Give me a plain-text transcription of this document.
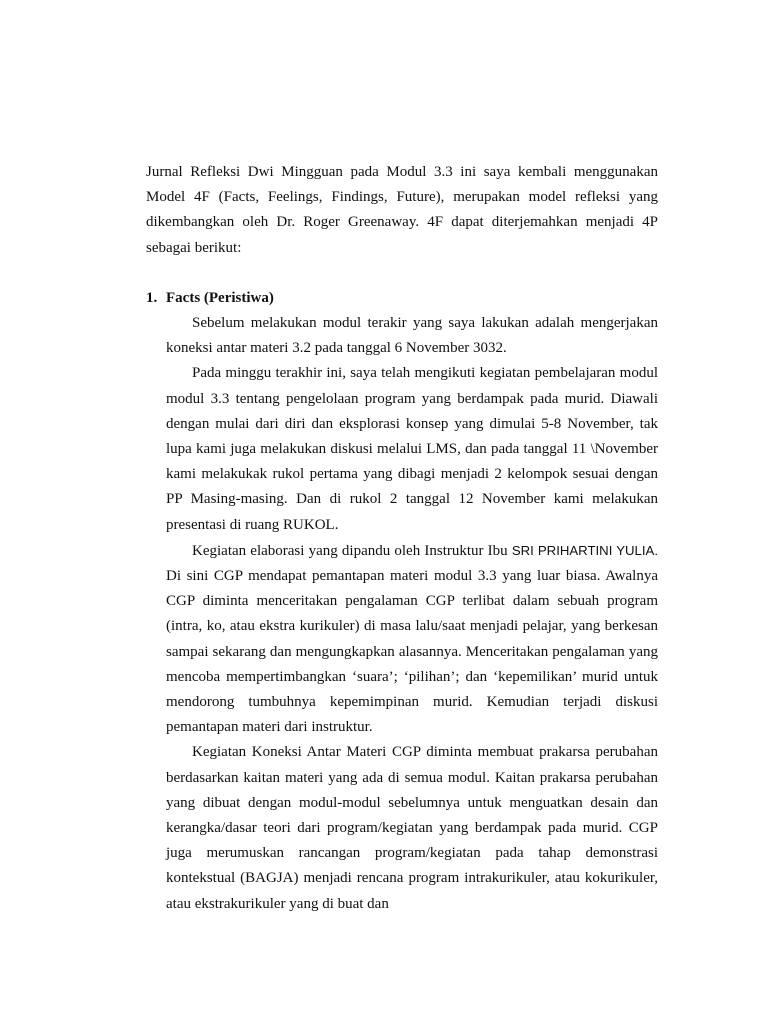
Jurnal Refleksi Dwi Mingguan pada Modul 3.3 ini saya kembali menggunakan Model 4F (Facts, Feelings, Findings, Future), merupakan model refleksi yang dikembangkan oleh Dr. Roger Greenaway. 4F dapat diterjemahkan menjadi 4P sebagai berikut:

1. Facts (Peristiwa)

Sebelum melakukan modul terakir yang saya lakukan adalah mengerjakan koneksi antar materi 3.2 pada tanggal 6 November 3032.

Pada minggu terakhir ini, saya telah mengikuti kegiatan pembelajaran modul modul 3.3 tentang pengelolaan program yang berdampak pada murid. Diawali dengan mulai dari diri dan eksplorasi konsep yang dimulai 5-8 November, tak lupa kami juga melakukan diskusi melalui LMS, dan pada tanggal 11 \November kami melakukak rukol pertama yang dibagi menjadi 2 kelompok sesuai dengan PP Masing-masing. Dan di rukol 2 tanggal 12 November kami melakukan presentasi di ruang RUKOL.

Kegiatan elaborasi yang dipandu oleh Instruktur Ibu SRI PRIHARTINI YULIA. Di sini CGP mendapat pemantapan materi modul 3.3 yang luar biasa. Awalnya CGP diminta menceritakan pengalaman CGP terlibat dalam sebuah program (intra, ko, atau ekstra kurikuler) di masa lalu/saat menjadi pelajar, yang berkesan sampai sekarang dan mengungkapkan alasannya. Menceritakan pengalaman yang mencoba mempertimbangkan ‘suara’; ‘pilihan’; dan ‘kepemilikan’ murid untuk mendorong tumbuhnya kepemimpinan murid. Kemudian terjadi diskusi pemantapan materi dari instruktur.

Kegiatan Koneksi Antar Materi CGP diminta membuat prakarsa perubahan berdasarkan kaitan materi yang ada di semua modul. Kaitan prakarsa perubahan yang dibuat dengan modul-modul sebelumnya untuk menguatkan desain dan kerangka/dasar teori dari program/kegiatan yang berdampak pada murid. CGP juga merumuskan rancangan program/kegiatan pada tahap demonstrasi kontekstual (BAGJA) menjadi rencana program intrakurikuler, atau kokurikuler, atau ekstrakurikuler yang di buat dan
